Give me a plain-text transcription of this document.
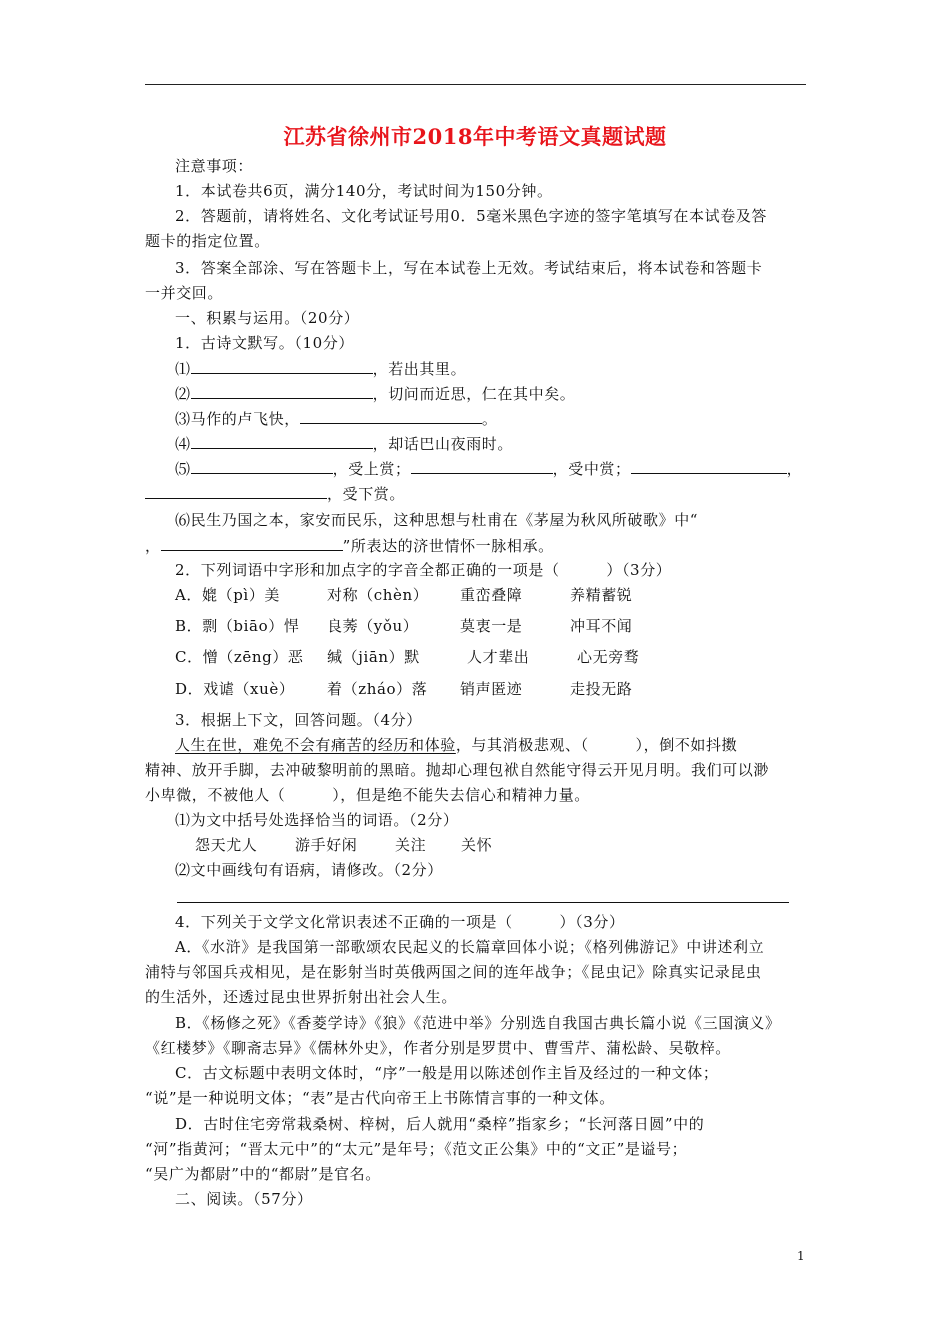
江苏省徐州市2018年中考语文真题试题
注意事项：
1．本试卷共6页，满分140分，考试时间为150分钟。
2．答题前，请将姓名、文化考试证号用0．5毫米黑色字迹的签字笔填写在本试卷及答
题卡的指定位置。
3．答案全部涂、写在答题卡上，写在本试卷上无效。考试结束后，将本试卷和答题卡
一并交回。
一、积累与运用。（20分）
1．古诗文默写。（10分）
⑴	，若出其里。
⑵	，切问而近思，仁在其中矣。
⑶马作的卢飞快，	。
⑷	，却话巴山夜雨时。
⑸	，受上赏；	，受中赏；	，
，受下赏。
⑹民生乃国之本，家安而民乐，这种思想与杜甫在《茅屋为秋风所破歌》中“
，	”所表达的济世情怀一脉相承。
2．下列词语中字形和加点字的字音全都正确的一项是（　　　）（3分）
A．媲（pì）美	对称（chèn） 重峦叠障	养精蓄锐
B．剽（biāo）悍 良莠（yǒu）	莫衷一是	冲耳不闻
C．憎（zēng）恶 缄（jiān）默	人才辈出	心无旁骛
D．戏谑（xuè） 着（zháo）落 销声匿迹	走投无路
3．根据上下文，回答问题。（4分）
人生在世，难免不会有痛苦的经历和体验，与其消极悲观、（　　　），倒不如抖擞
精神、放开手脚，去冲破黎明前的黑暗。抛却心理包袱自然能守得云开见月明。我们可以渺
小卑微，不被他人（　　　），但是绝不能失去信心和精神力量。
⑴为文中括号处选择恰当的词语。（2分）
怨天尤人	游手好闲	关注 关怀
⑵文中画线句有语病，请修改。（2分）
4．下列关于文学文化常识表述不正确的一项是（　　　）（3分）
A．《水浒》是我国第一部歌颂农民起义的长篇章回体小说；《格列佛游记》中讲述利立
浦特与邻国兵戎相见，是在影射当时英俄两国之间的连年战争；《昆虫记》除真实记录昆虫
的生活外，还透过昆虫世界折射出社会人生。
B．《杨修之死》《香菱学诗》《狼》《范进中举》分别选自我国古典长篇小说《三国演义》
《红楼梦》《聊斋志异》《儒林外史》，作者分别是罗贯中、曹雪芹、蒲松龄、吴敬梓。
C．古文标题中表明文体时，“序”一般是用以陈述创作主旨及经过的一种文体；
“说”是一种说明文体；“表”是古代向帝王上书陈情言事的一种文体。
D．古时住宅旁常栽桑树、梓树，后人就用“桑梓”指家乡；“长河落日圆”中的
“河”指黄河；“晋太元中”的“太元”是年号；《范文正公集》中的“文正”是谥号；
“吴广为都尉”中的“都尉”是官名。
二、阅读。（57分）
1
